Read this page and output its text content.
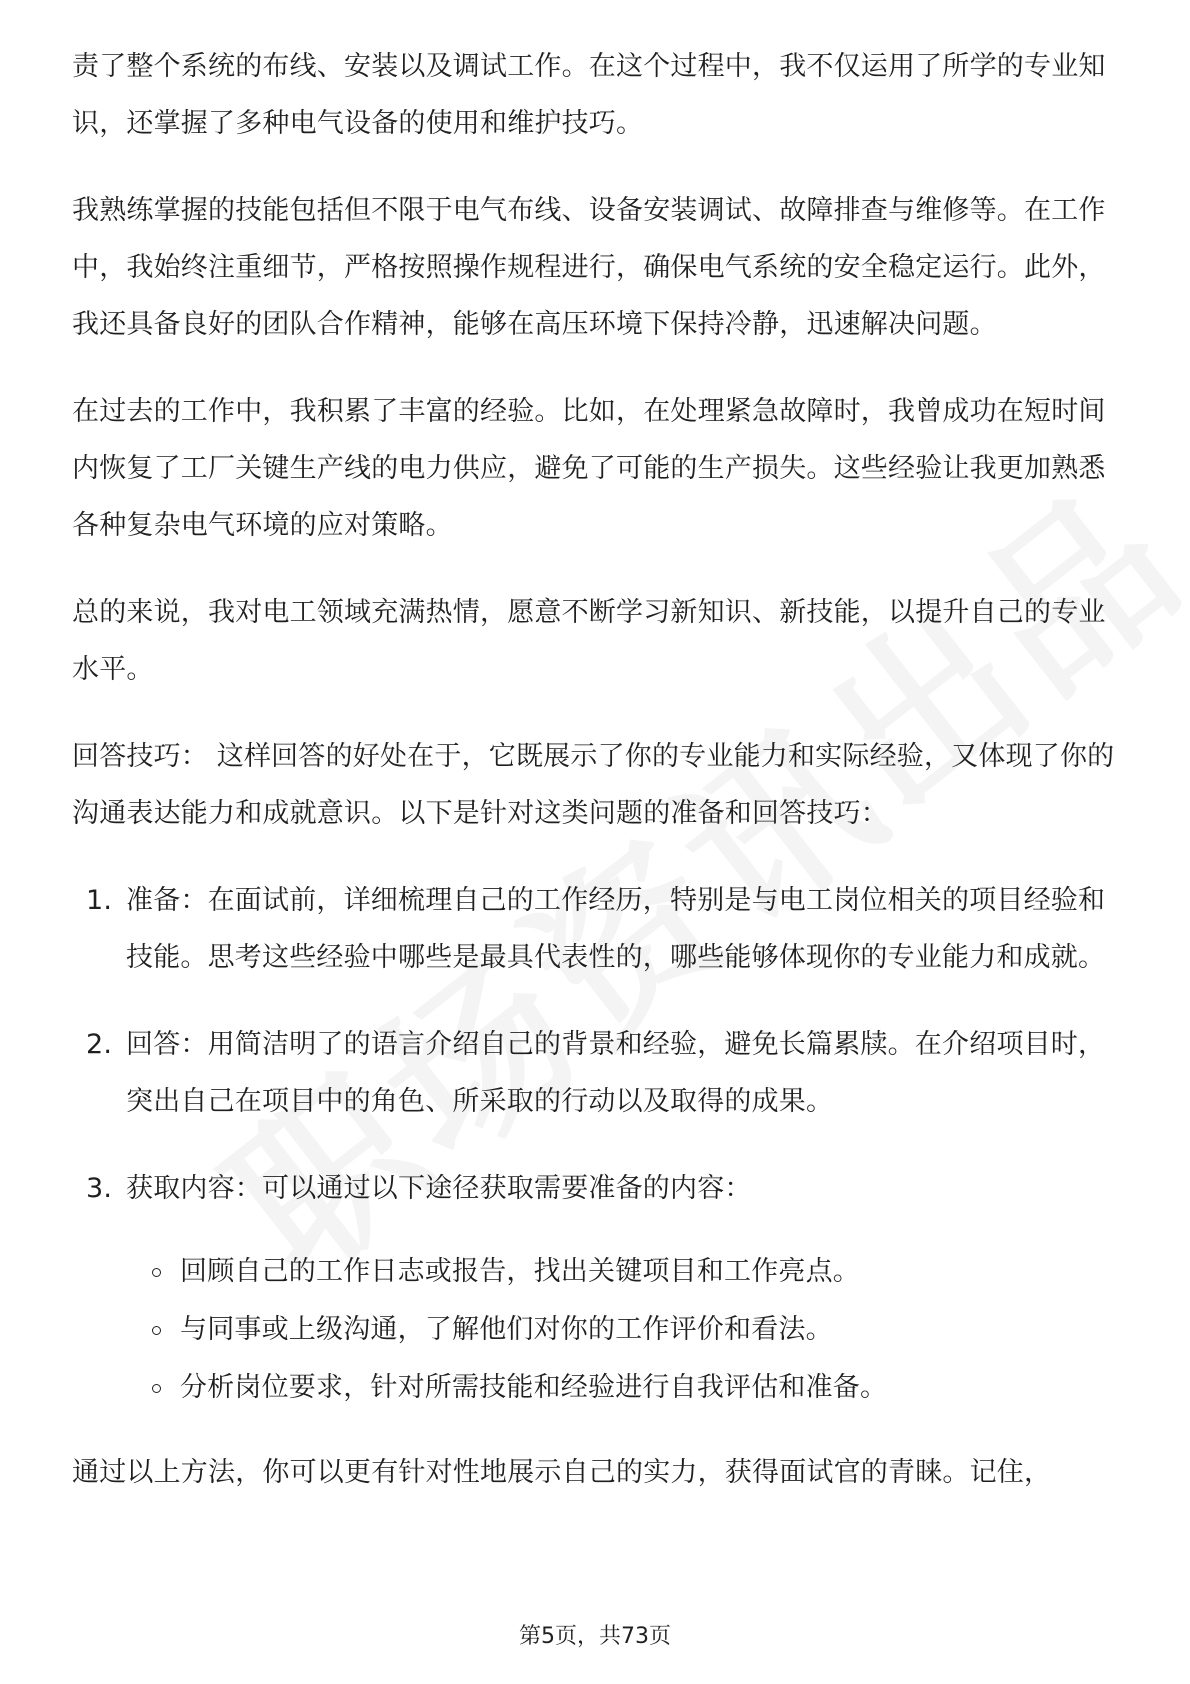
责了整个系统的布线、安装以及调试工作。在这个过程中，我不仅运用了所学的专业知识，还掌握了多种电气设备的使用和维护技巧。

我熟练掌握的技能包括但不限于电气布线、设备安装调试、故障排查与维修等。在工作中，我始终注重细节，严格按照操作规程进行，确保电气系统的安全稳定运行。此外，我还具备良好的团队合作精神，能够在高压环境下保持冷静，迅速解决问题。

在过去的工作中，我积累了丰富的经验。比如，在处理紧急故障时，我曾成功在短时间内恢复了工厂关键生产线的电力供应，避免了可能的生产损失。这些经验让我更加熟悉各种复杂电气环境的应对策略。

总的来说，我对电工领域充满热情，愿意不断学习新知识、新技能，以提升自己的专业水平。

回答技巧： 这样回答的好处在于，它既展示了你的专业能力和实际经验，又体现了你的沟通表达能力和成就意识。以下是针对这类问题的准备和回答技巧：

1. 准备：在面试前，详细梳理自己的工作经历，特别是与电工岗位相关的项目经验和技能。思考这些经验中哪些是最具代表性的，哪些能够体现你的专业能力和成就。
2. 回答：用简洁明了的语言介绍自己的背景和经验，避免长篇累牍。在介绍项目时，突出自己在项目中的角色、所采取的行动以及取得的成果。
3. 获取内容：可以通过以下途径获取需要准备的内容：
回顾自己的工作日志或报告，找出关键项目和工作亮点。
与同事或上级沟通，了解他们对你的工作评价和看法。
分析岗位要求，针对所需技能和经验进行自我评估和准备。

通过以上方法，你可以更有针对性地展示自己的实力，获得面试官的青睐。记住，

第5页，共73页
